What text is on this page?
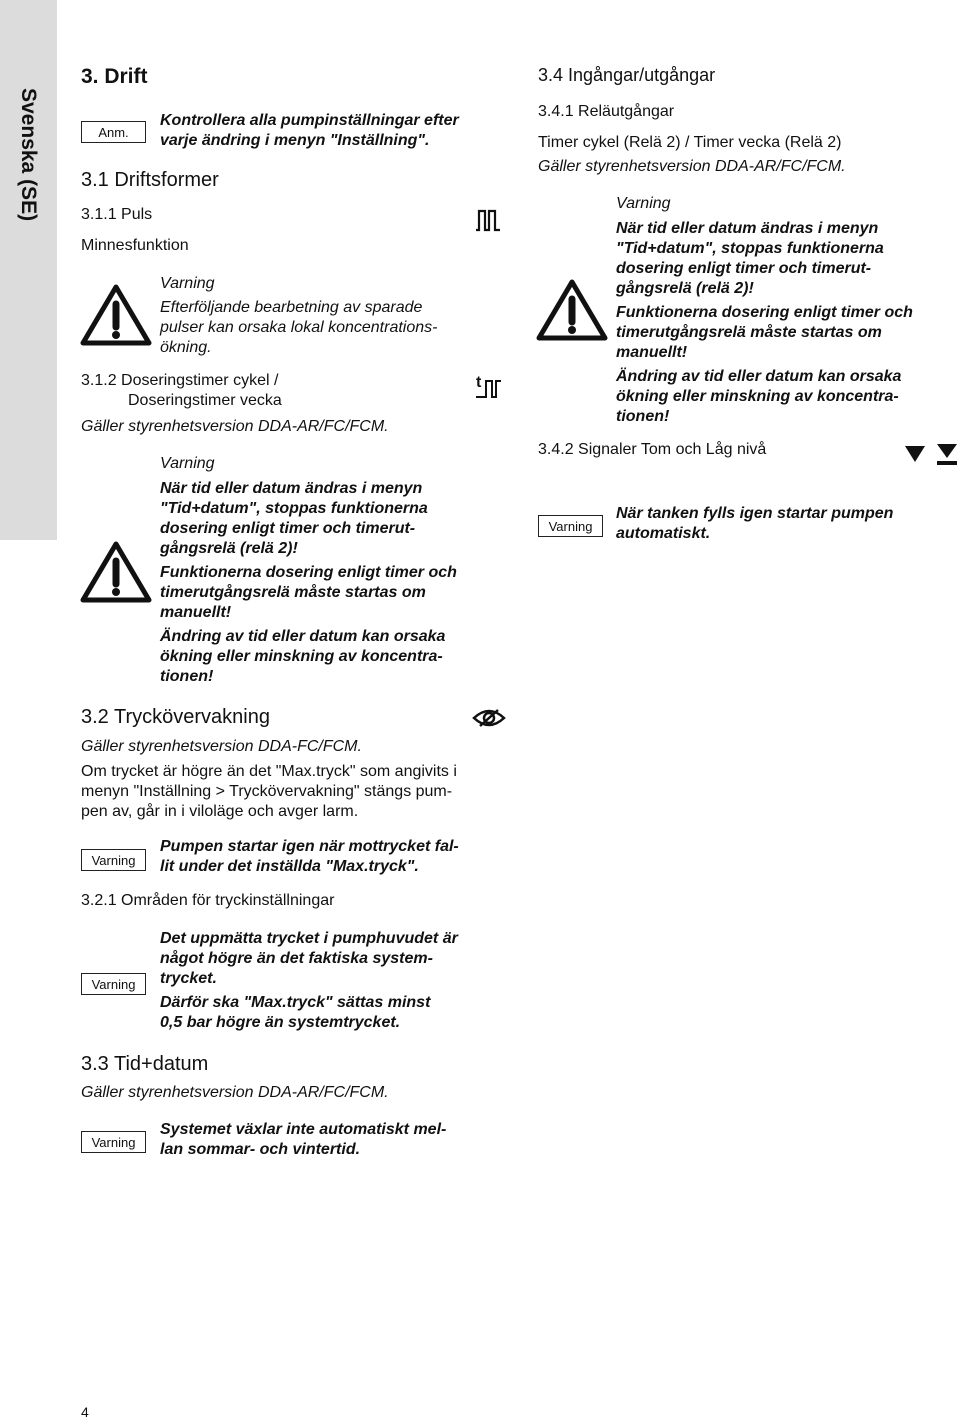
Svenska (SE)
3. Drift
Anm.
Kontrollera alla pumpinställningar efter
varje ändring i menyn "Inställning".
3.1 Driftsformer
3.1.1 Puls
Minnesfunktion
Varning
Efterföljande bearbetning av sparade
pulser kan orsaka lokal koncentrations-
ökning.
3.1.2 Doseringstimer cykel /
Doseringstimer vecka
t
Gäller styrenhetsversion DDA-AR/FC/FCM.
Varning
När tid eller datum ändras i menyn
"Tid+datum", stoppas funktionerna
dosering enligt timer och timerut-
gångsrelä (relä 2)!
Funktionerna dosering enligt timer och
timerutgångsrelä måste startas om
manuellt!
Ändring av tid eller datum kan orsaka
ökning eller minskning av koncentra-
tionen!
3.2 Tryckövervakning
Gäller styrenhetsversion DDA-FC/FCM.
Om trycket är högre än det "Max.tryck" som angivits i
menyn "Inställning > Tryckövervakning" stängs pum-
pen av, går in i viloläge och avger larm.
Varning
Pumpen startar igen när mottrycket fal-
lit under det inställda "Max.tryck".
3.2.1 Områden för tryckinställningar
Varning
Det uppmätta trycket i pumphuvudet är
något högre än det faktiska system-
trycket.
Därför ska "Max.tryck" sättas minst
0,5 bar högre än systemtrycket.
3.3 Tid+datum
Gäller styrenhetsversion DDA-AR/FC/FCM.
Varning
Systemet växlar inte automatiskt mel-
lan sommar- och vintertid.
3.4 Ingångar/utgångar
3.4.1 Reläutgångar
Timer cykel (Relä 2) / Timer vecka (Relä 2)
Gäller styrenhetsversion DDA-AR/FC/FCM.
Varning
När tid eller datum ändras i menyn
"Tid+datum", stoppas funktionerna
dosering enligt timer och timerut-
gångsrelä (relä 2)!
Funktionerna dosering enligt timer och
timerutgångsrelä måste startas om
manuellt!
Ändring av tid eller datum kan orsaka
ökning eller minskning av koncentra-
tionen!
3.4.2 Signaler Tom och Låg nivå
Varning
När tanken fylls igen startar pumpen
automatiskt.
4
